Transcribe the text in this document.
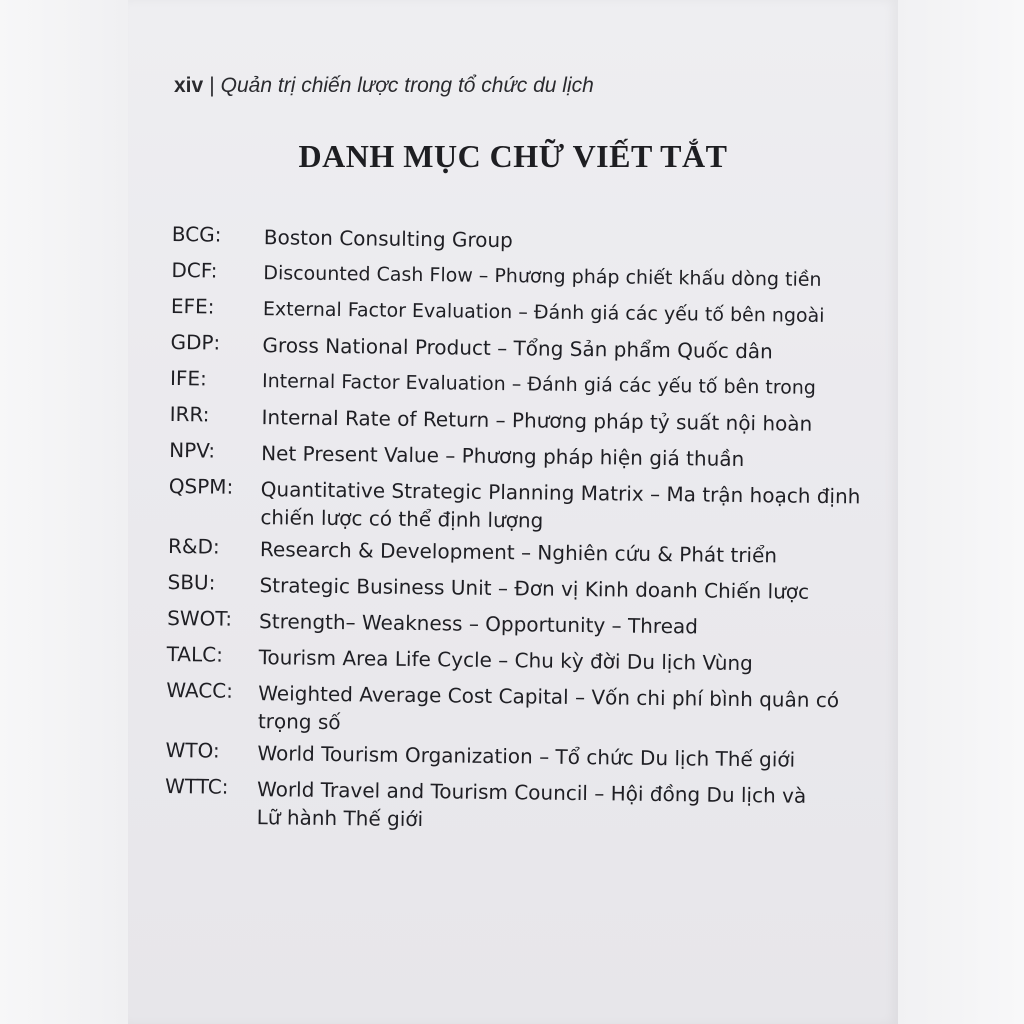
xiv | Quản trị chiến lược trong tổ chức du lịch
DANH MỤC CHỮ VIẾT TẮT
BCG:	Boston Consulting Group
DCF:	Discounted Cash Flow – Phương pháp chiết khấu dòng tiền
EFE:	External Factor Evaluation – Đánh giá các yếu tố bên ngoài
GDP:	Gross National Product – Tổng Sản phẩm Quốc dân
IFE:	Internal Factor Evaluation – Đánh giá các yếu tố bên trong
IRR:	Internal Rate of Return – Phương pháp tỷ suất nội hoàn
NPV:	Net Present Value – Phương pháp hiện giá thuần
QSPM:	Quantitative Strategic Planning Matrix – Ma trận hoạch định chiến lược có thể định lượng
R&D:	Research & Development – Nghiên cứu & Phát triển
SBU:	Strategic Business Unit – Đơn vị Kinh doanh Chiến lược
SWOT:	Strength– Weakness – Opportunity – Thread
TALC:	Tourism Area Life Cycle – Chu kỳ đời Du lịch Vùng
WACC:	Weighted Average Cost Capital – Vốn chi phí bình quân có trọng số
WTO:	World Tourism Organization – Tổ chức Du lịch Thế giới
WTTC:	World Travel and Tourism Council – Hội đồng Du lịch và Lữ hành Thế giới
